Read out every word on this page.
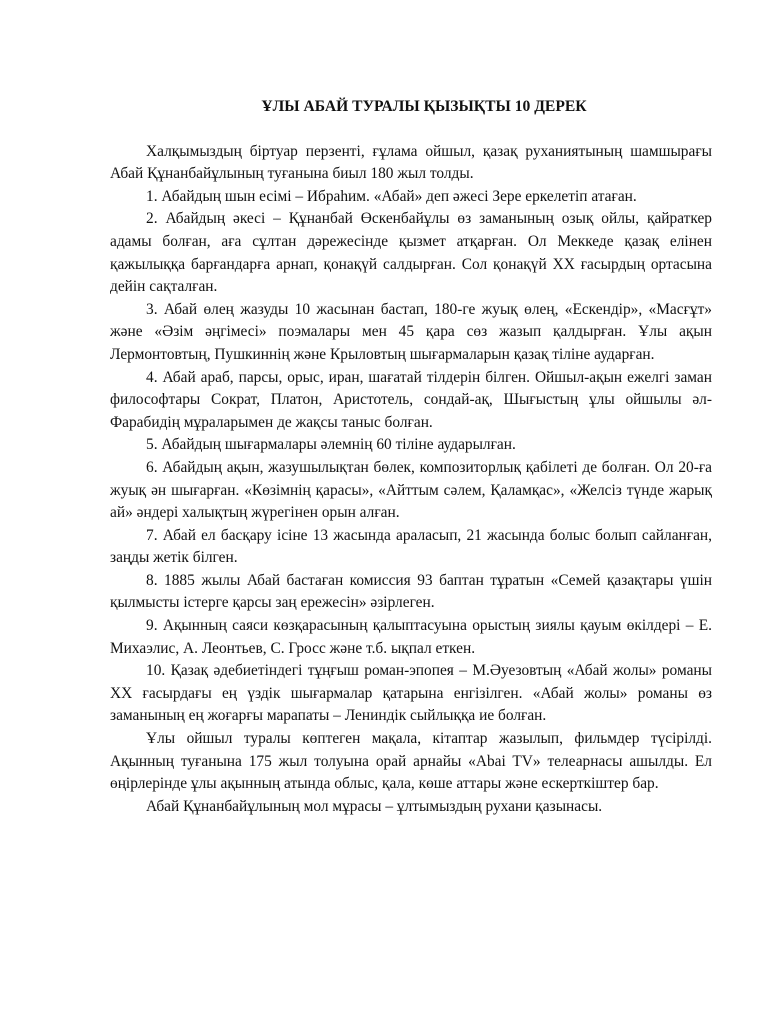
ҰЛЫ АБАЙ ТУРАЛЫ ҚЫЗЫҚТЫ 10 ДЕРЕК

Халқымыздың біртуар перзенті, ғұлама ойшыл, қазақ руханиятының шамшырағы Абай Құнанбайұлының туғанына биыл 180 жыл толды.

1. Абайдың шын есімі – Ибраһим. «Абай» деп әжесі Зере еркелетіп атаған.

2. Абайдың әкесі – Құнанбай Өскенбайұлы өз заманының озық ойлы, қайраткер адамы болған, аға сұлтан дәрежесінде қызмет атқарған. Ол Меккеде қазақ елінен қажылыққа барғандарға арнап, қонақүй салдырған. Сол қонақүй ХХ ғасырдың ортасына дейін сақталған.

3. Абай өлең жазуды 10 жасынан бастап, 180-ге жуық өлең, «Ескендір», «Масғұт» және «Әзім әңгімесі» поэмалары мен 45 қара сөз жазып қалдырған. Ұлы ақын Лермонтовтың, Пушкиннің және Крыловтың шығармаларын қазақ тіліне аударған.

4. Абай араб, парсы, орыс, иран, шағатай тілдерін білген. Ойшыл-ақын ежелгі заман философтары Сократ, Платон, Аристотель, сондай-ақ, Шығыстың ұлы ойшылы әл-Фарабидің мұраларымен де жақсы таныс болған.

5. Абайдың шығармалары әлемнің 60 тіліне аударылған.

6. Абайдың ақын, жазушылықтан бөлек, композиторлық қабілеті де болған. Ол 20-ға жуық ән шығарған. «Көзімнің қарасы», «Айттым сәлем, Қаламқас», «Желсіз түнде жарық ай» әндері халықтың жүрегінен орын алған.

7. Абай ел басқару ісіне 13 жасында араласып, 21 жасында болыс болып сайланған, заңды жетік білген.

8. 1885 жылы Абай бастаған комиссия 93 баптан тұратын «Семей қазақтары үшін қылмысты істерге қарсы заң ережесін» әзірлеген.

9. Ақынның саяси көзқарасының қалыптасуына орыстың зиялы қауым өкілдері – Е. Михаэлис, А. Леонтьев, С. Гросс және т.б. ықпал еткен.

10. Қазақ әдебиетіндегі тұңғыш роман-эпопея – М.Әуезовтың «Абай жолы» романы ХХ ғасырдағы ең үздік шығармалар қатарына енгізілген. «Абай жолы» романы өз заманының ең жоғарғы марапаты – Лениндік сыйлыққа ие болған.

Ұлы ойшыл туралы көптеген мақала, кітаптар жазылып, фильмдер түсірілді. Ақынның туғанына 175 жыл толуына орай арнайы «Abai TV» телеарнасы ашылды. Ел өңірлерінде ұлы ақынның атында облыс, қала, көше аттары және ескерткіштер бар.

Абай Құнанбайұлының мол мұрасы – ұлтымыздың рухани қазынасы.
